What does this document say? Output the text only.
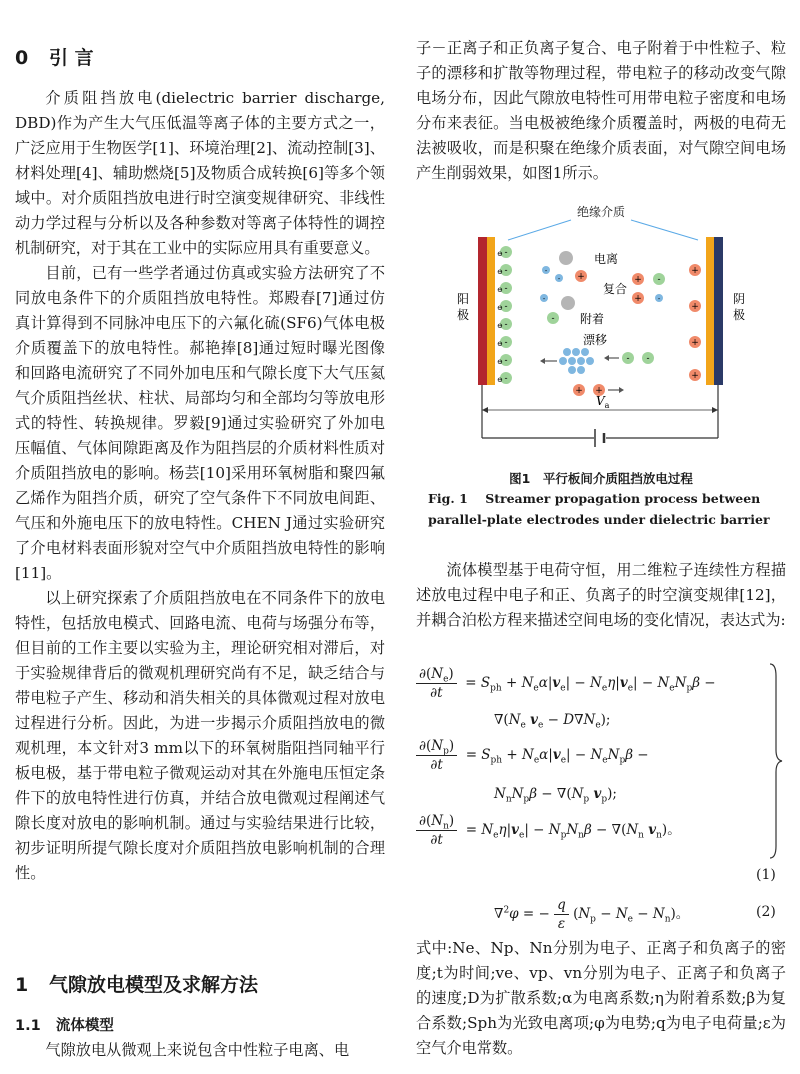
0 引 言

介质阻挡放电(dielectric barrier discharge, DBD)作为产生大气压低温等离子体的主要方式之一，广泛应用于生物医学[1]、环境治理[2]、流动控制[3]、材料处理[4]、辅助燃烧[5]及物质合成转换[6]等多个领域中。对介质阻挡放电进行时空演变规律研究、非线性动力学过程与分析以及各种参数对等离子体特性的调控机制研究，对于其在工业中的实际应用具有重要意义。

目前，已有一些学者通过仿真或实验方法研究了不同放电条件下的介质阻挡放电特性。郑殿春[7]通过仿真计算得到不同脉冲电压下的六氟化硫(SF6)气体电极介质覆盖下的放电特性。郝艳捧[8]通过短时曝光图像和回路电流研究了不同外加电压和气隙长度下大气压氦气介质阻挡丝状、柱状、局部均匀和全部均匀等放电形式的特性、转换规律。罗毅[9]通过实验研究了外加电压幅值、气体间隙距离及作为阻挡层的介质材料性质对介质阻挡放电的影响。杨芸[10]采用环氧树脂和聚四氟乙烯作为阻挡介质，研究了空气条件下不同放电间距、气压和外施电压下的放电特性。CHEN J通过实验研究了介电材料表面形貌对空气中介质阻挡放电特性的影响[11]。

以上研究探索了介质阻挡放电在不同条件下的放电特性，包括放电模式、回路电流、电荷与场强分布等，但目前的工作主要以实验为主，理论研究相对滞后，对于实验规律背后的微观机理研究尚有不足，缺乏结合与带电粒子产生、移动和消失相关的具体微观过程对放电过程进行分析。因此，为进一步揭示介质阻挡放电的微观机理，本文针对3 mm以下的环氧树脂阻挡同轴平行板电极，基于带电粒子微观运动对其在外施电压恒定条件下的放电特性进行仿真，并结合放电微观过程阐述气隙长度对放电的影响机制。通过与实验结果进行比较，初步证明所提气隙长度对介质阻挡放电影响机制的合理性。

1 气隙放电模型及求解方法
1.1 流体模型

气隙放电从微观上来说包含中性粒子电离、电

子－正离子和正负离子复合、电子附着于中性粒子、粒子的漂移和扩散等物理过程，带电粒子的移动改变气隙电场分布，因此气隙放电特性可用带电粒子密度和电场分布来表征。当电极被绝缘介质覆盖时，两极的电荷无法被吸收，而是积聚在绝缘介质表面，对气隙空间电场产生削弱效果，如图1所示。

绝缘介质
阳极
阴极
-
-
-
-
-
-
-
-
⊖
⊖
⊖
⊖
⊖
⊖
⊖
⊖
+
+
+
+
-
- +
电离
+ -
+ -
复合
-
- 附着
漂移
- -
+ +
$V_a$
图1　平行板间介质阻挡放电过程
Fig. 1 Streamer propagation process between parallel-plate electrodes under dielectric barrier

流体模型基于电荷守恒，用二维粒子连续性方程描述放电过程中电子和正、负离子的时空演变规律[12]，并耦合泊松方程来描述空间电场的变化情况，表达式为:

$\frac{\partial(N_e)}{\partial t} = S_{ph} + N_e\alpha|v_e| - N_e\eta|v_e| - N_eN_p\beta$ −
$\nabla(N_e$ $v_e - D\nabla N_e$);
$\frac{\partial(N_p)}{\partial t} = S_{ph} + N_e\alpha|v_e| - N_eN_p\beta$ −
$N_nN_p\beta - \nabla(N_p$ $v_p$);
$\frac{\partial(N_n)}{\partial t} = N_e\eta|v_e| - N_pN_n\beta - \nabla(N_n$ $v_n$)。
(1)
∇$^2$φ = − $\frac{q}{\varepsilon} (N_p - N_e - N_n)$。	(2)

式中:Ne、Np、Nn分别为电子、正离子和负离子的密度;t为时间;ve、vp、vn分别为电子、正离子和负离子的速度;D为扩散系数;α为电离系数;η为附着系数;β为复合系数;Sph为光致电离项;φ为电势;q为电子电荷量;ε为空气介电常数。
